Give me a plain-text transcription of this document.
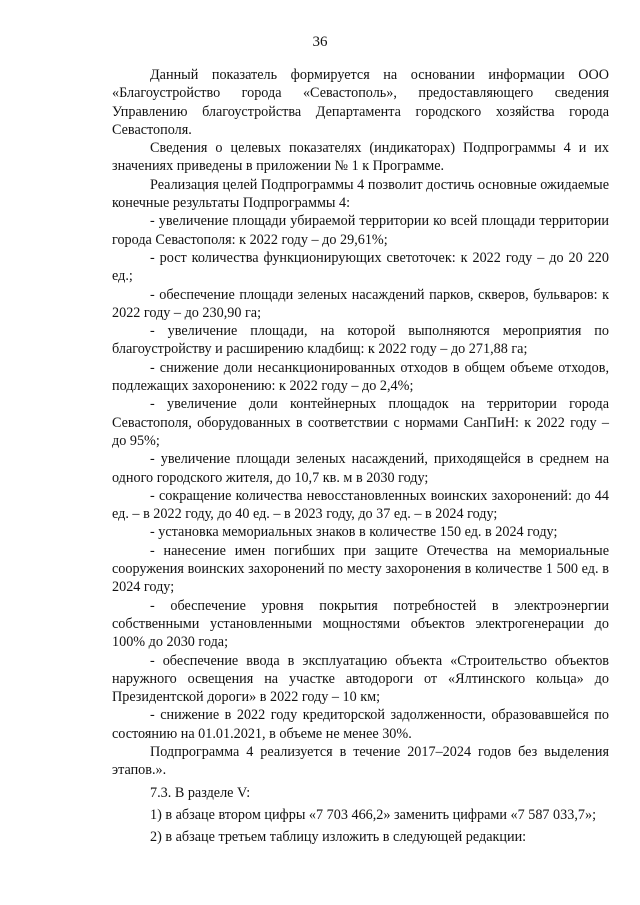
36

Данный показатель формируется на основании информации ООО «Благоустройство города «Севастополь», предоставляющего сведения Управлению благоустройства Департамента городского хозяйства города Севастополя.

Сведения о целевых показателях (индикаторах) Подпрограммы 4 и их значениях приведены в приложении № 1 к Программе.

Реализация целей Подпрограммы 4 позволит достичь основные ожидаемые конечные результаты Подпрограммы 4:

- увеличение площади убираемой территории ко всей площади территории города Севастополя: к 2022 году – до 29,61%;

- рост количества функционирующих светоточек: к 2022 году – до 20 220 ед.;

- обеспечение площади зеленых насаждений парков, скверов, бульваров: к 2022 году – до 230,90 га;

- увеличение площади, на которой выполняются мероприятия по благоустройству и расширению кладбищ: к 2022 году – до 271,88 га;

- снижение доли несанкционированных отходов в общем объеме отходов, подлежащих захоронению: к 2022 году – до 2,4%;

- увеличение доли контейнерных площадок на территории города Севастополя, оборудованных в соответствии с нормами СанПиН: к 2022 году – до 95%;

- увеличение площади зеленых насаждений, приходящейся в среднем на одного городского жителя, до 10,7 кв. м в 2030 году;

- сокращение количества невосстановленных воинских захоронений: до 44 ед. – в 2022 году, до 40 ед. – в 2023 году, до 37 ед. – в 2024 году;

- установка мемориальных знаков в количестве 150 ед. в 2024 году;

- нанесение имен погибших при защите Отечества на мемориальные сооружения воинских захоронений по месту захоронения в количестве 1 500 ед. в 2024 году;

- обеспечение уровня покрытия потребностей в электроэнергии собственными установленными мощностями объектов электрогенерации до 100% до 2030 года;

- обеспечение ввода в эксплуатацию объекта «Строительство объектов наружного освещения на участке автодороги от «Ялтинского кольца» до Президентской дороги» в 2022 году – 10 км;

- снижение в 2022 году кредиторской задолженности, образовавшейся по состоянию на 01.01.2021, в объеме не менее 30%.

Подпрограмма 4 реализуется в течение 2017–2024 годов без выделения этапов.».

7.3. В разделе V:

1) в абзаце втором цифры «7 703 466,2» заменить цифрами «7 587 033,7»;

2) в абзаце третьем таблицу изложить в следующей редакции:
